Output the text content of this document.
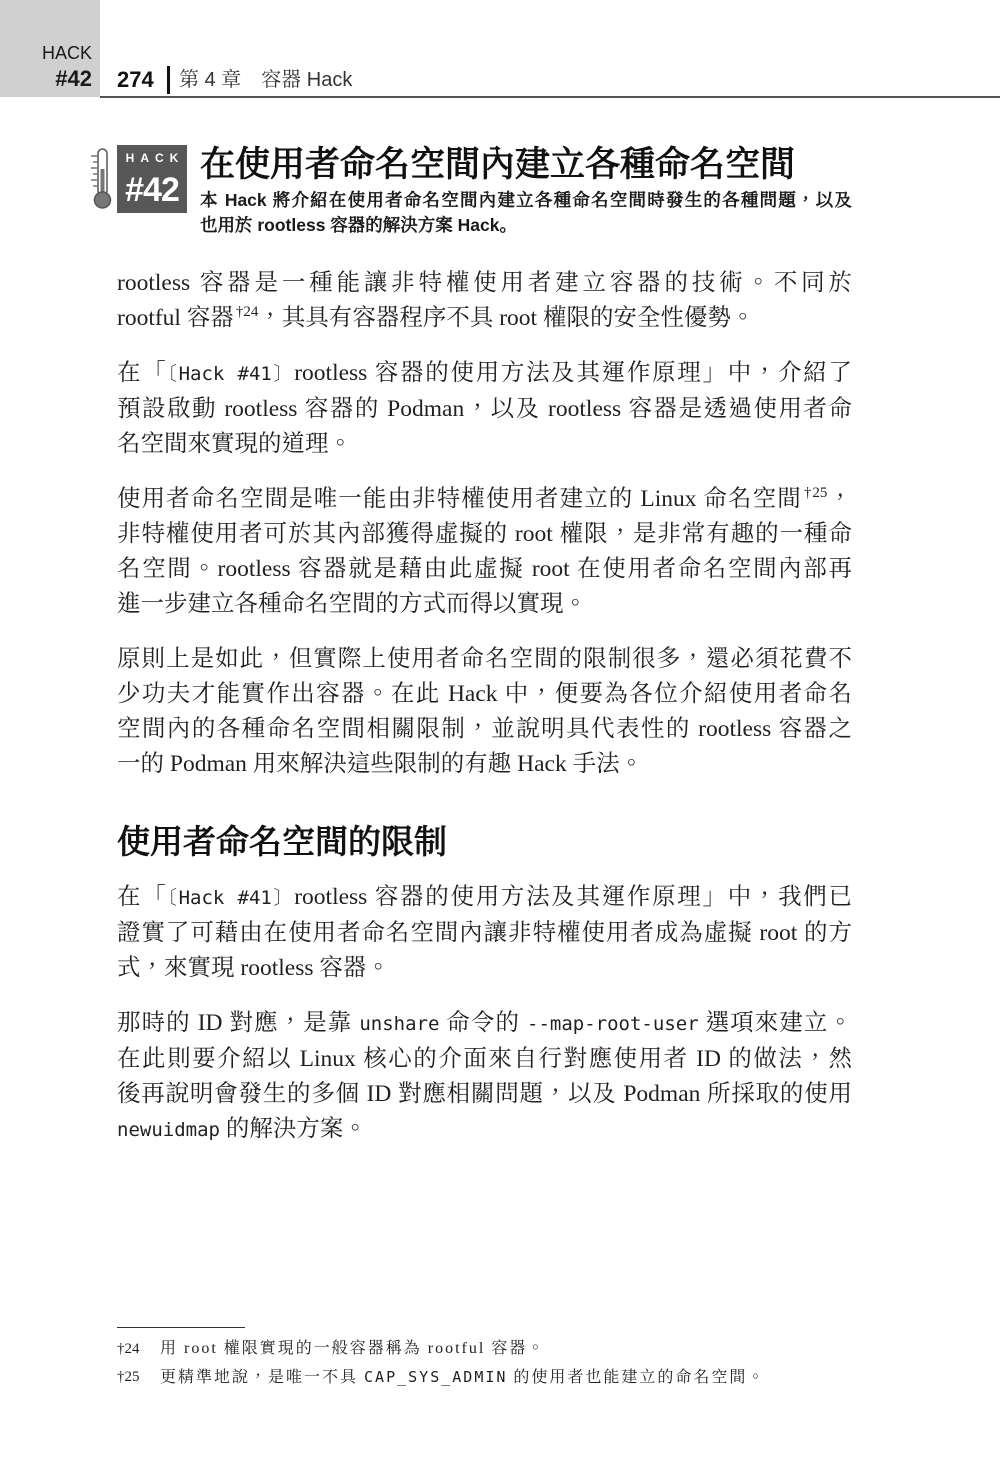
HACK
#42 274 第 4 章　容器 Hack
HACK
#42
在使用者命名空間內建立各種命名空間
本 Hack 將介紹在使用者命名空間內建立各種命名空間時發生的各種問題，以及
也用於 rootless 容器的解決方案 Hack。
rootless 容器是一種能讓非特權使用者建立容器的技術。不同於
rootful 容器 $^{\dagger 24}$，其具有容器程序不具 root 權限的安全性優勢。
在「〔Hack #41〕rootless 容器的使用方法及其運作原理」中，介紹了
預設啟動 rootless 容器的 Podman，以及 rootless 容器是透過使用者命
名空間來實現的道理。
使用者命名空間是唯一能由非特權使用者建立的 Linux 命名空間 $^{\dagger 25}$，
非特權使用者可於其內部獲得虛擬的 root 權限，是非常有趣的一種命
名空間。rootless 容器就是藉由此虛擬 root 在使用者命名空間內部再
進一步建立各種命名空間的方式而得以實現。
原則上是如此，但實際上使用者命名空間的限制很多，還必須花費不
少功夫才能實作出容器。在此 Hack 中，便要為各位介紹使用者命名
空間內的各種命名空間相關限制，並說明具代表性的 rootless 容器之
一的 Podman 用來解決這些限制的有趣 Hack 手法。
使用者命名空間的限制
在「〔Hack #41〕rootless 容器的使用方法及其運作原理」中，我們已
證實了可藉由在使用者命名空間內讓非特權使用者成為虛擬 root 的方
式，來實現 rootless 容器。
那時的 ID 對應，是靠 unshare 命令的 --map-root-user 選項來建立。
在此則要介紹以 Linux 核心的介面來自行對應使用者 ID 的做法，然
後再說明會發生的多個 ID 對應相關問題，以及 Podman 所採取的使用
newuidmap 的解決方案。
†24	用 root 權限實現的一般容器稱為 rootful 容器。
†25	更精準地說，是唯一不具 CAP_SYS_ADMIN 的使用者也能建立的命名空間。
